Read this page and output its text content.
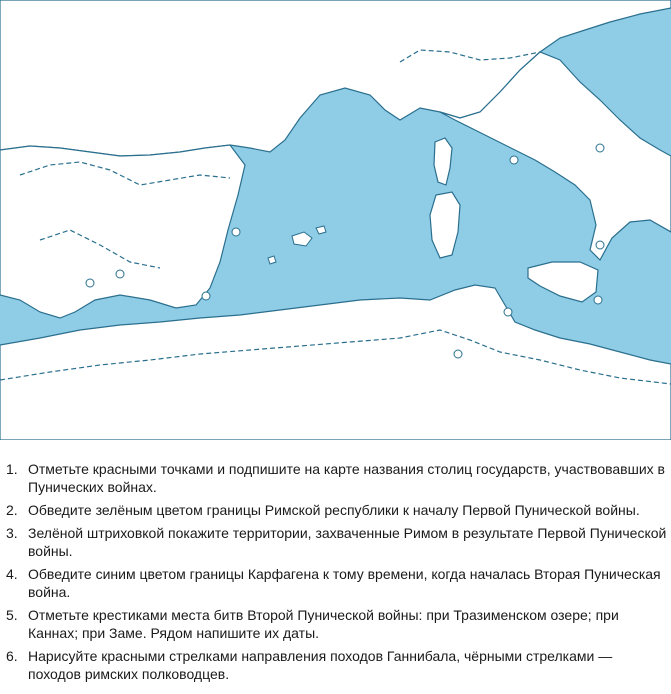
1. Отметьте красными точками и подпишите на карте названия столиц государств, участвовавших в Пунических войнах.
2. Обведите зелёным цветом границы Римской республики к началу Первой Пунической войны.
3. Зелёной штриховкой покажите территории, захваченные Римом в результате Первой Пунической войны.
4. Обведите синим цветом границы Карфагена к тому времени, когда началась Вторая Пуническая война.
5. Отметьте крестиками места битв Второй Пунической войны: при Тразименском озере; при Каннах; при Заме. Рядом напишите их даты.
6. Нарисуйте красными стрелками направления походов Ганнибала, чёрными стрелками — походов римских полководцев.
